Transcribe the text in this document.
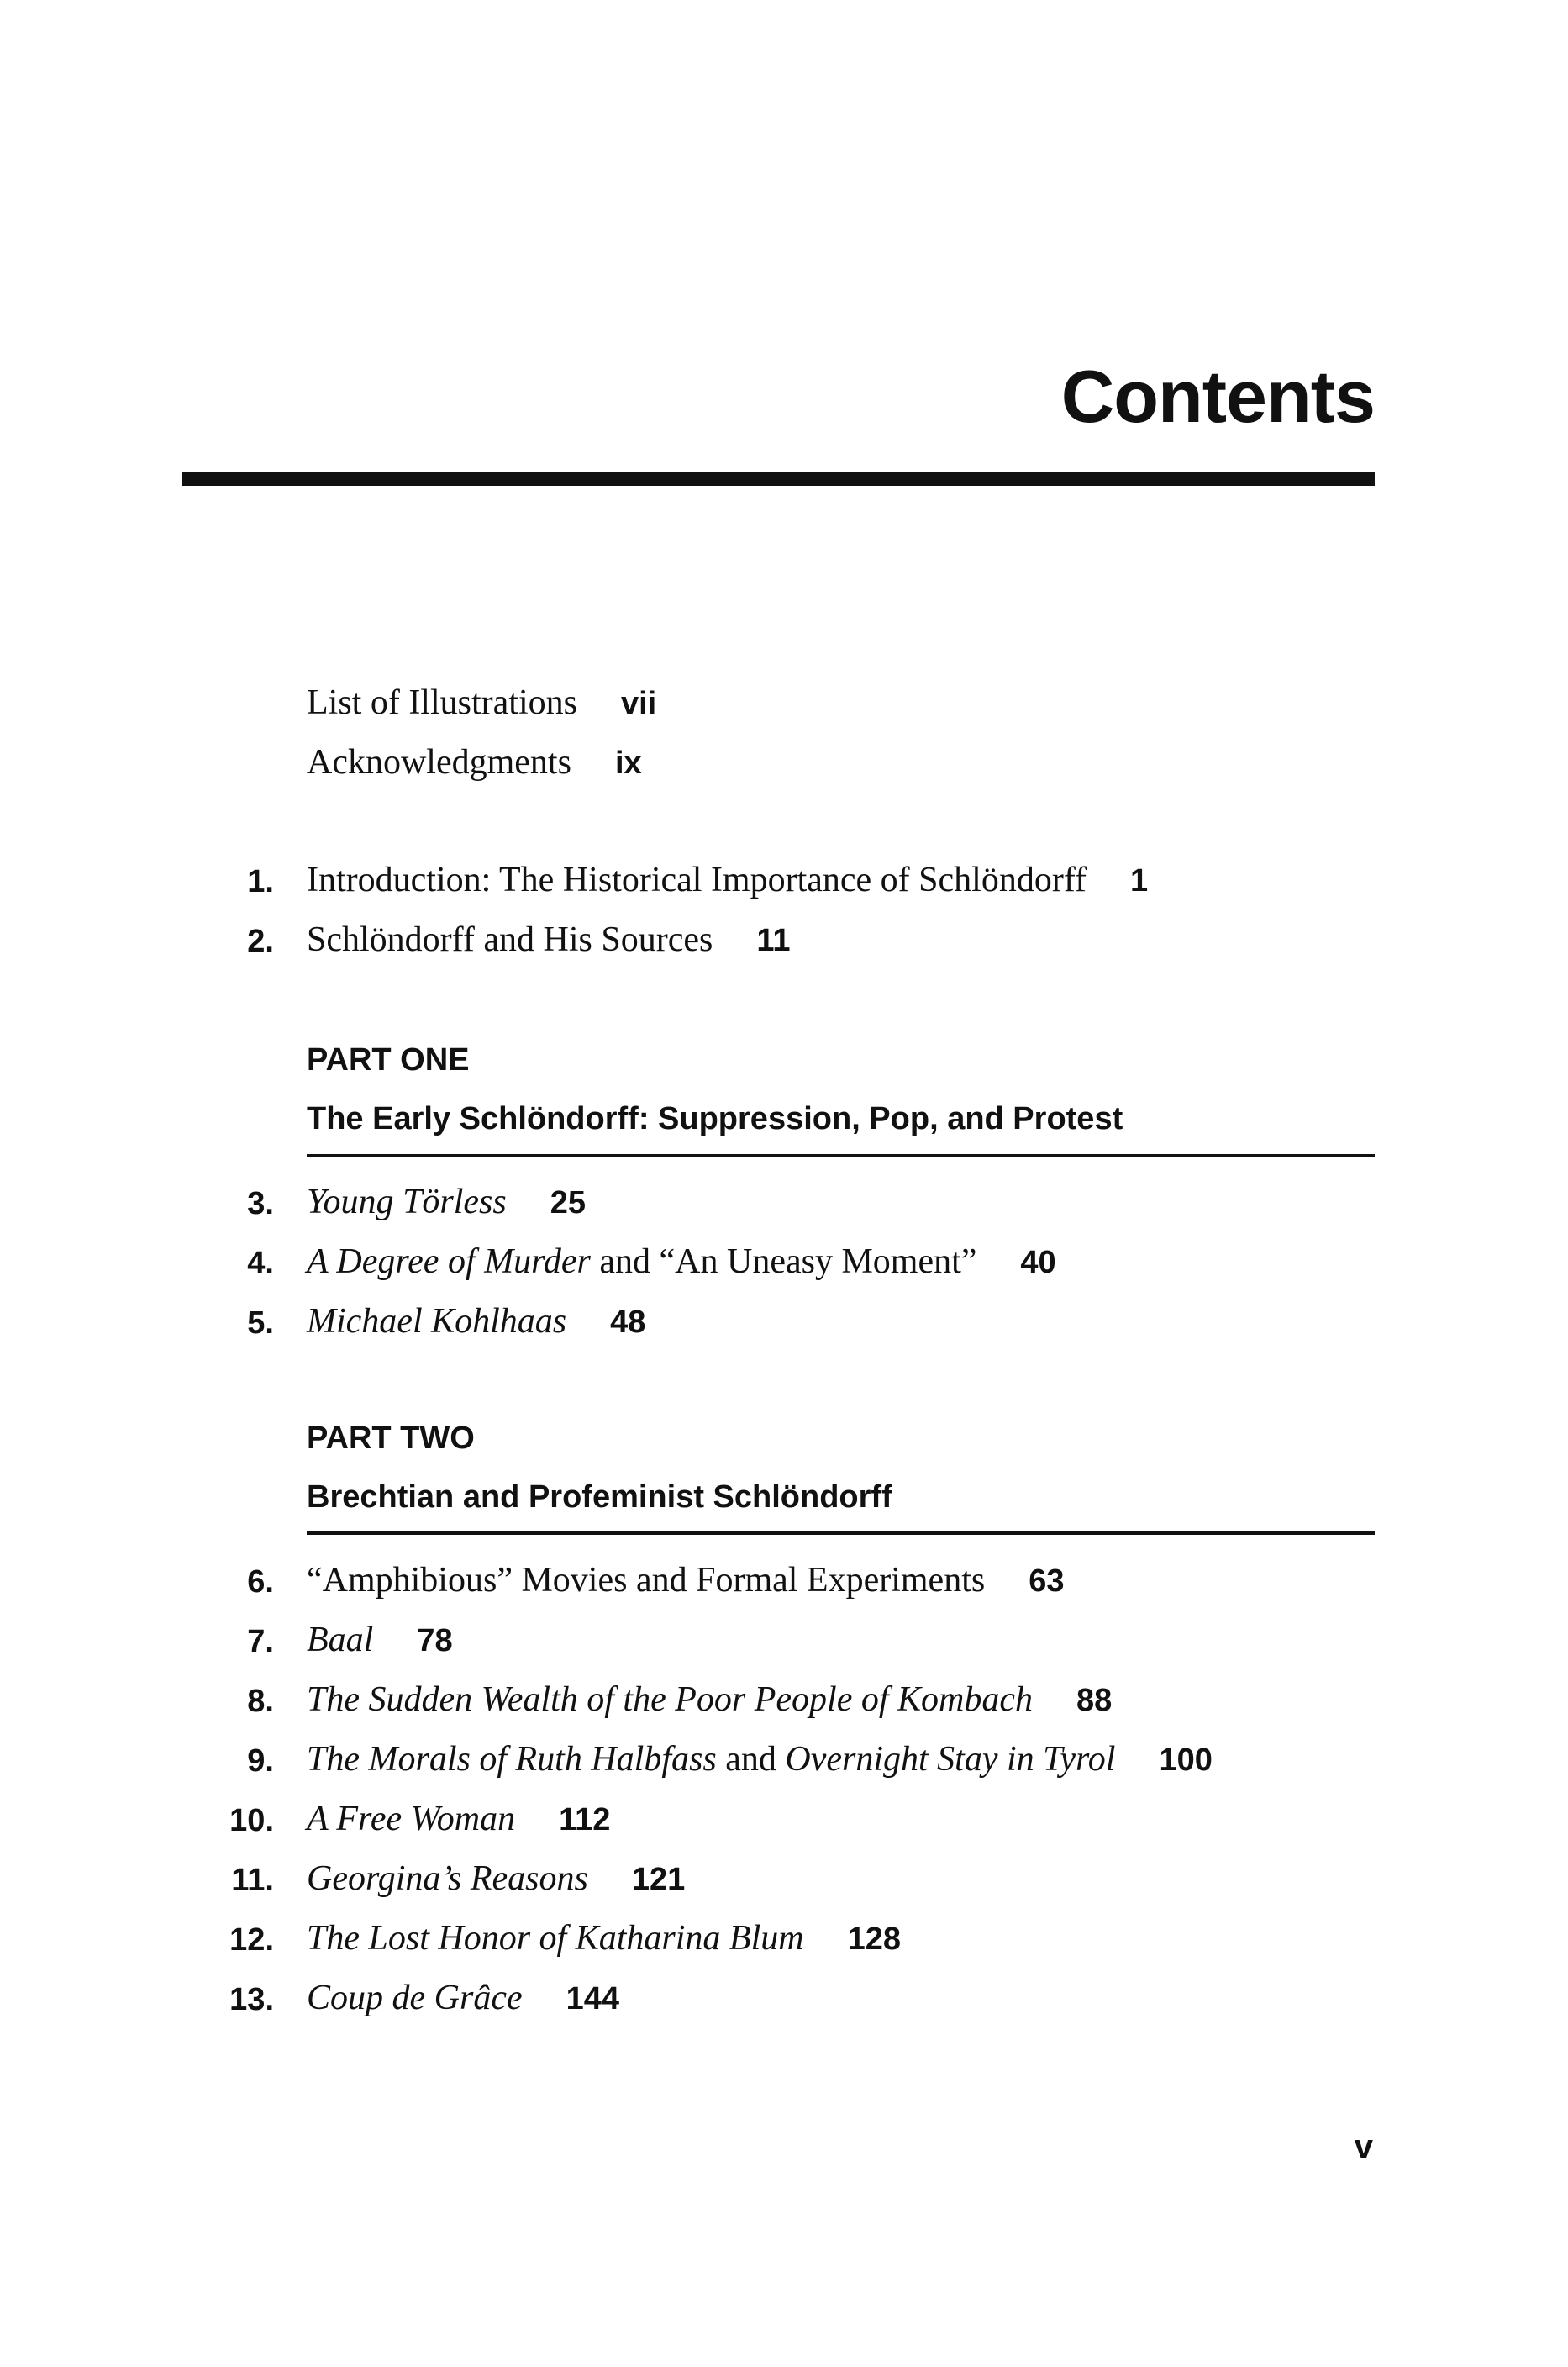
Contents
List of Illustrations vii
Acknowledgments ix
1. Introduction: The Historical Importance of Schlöndorff 1
2. Schlöndorff and His Sources 11
PART ONE
The Early Schlöndorff: Suppression, Pop, and Protest
3. Young Törless 25
4. A Degree of Murder and “An Uneasy Moment” 40
5. Michael Kohlhaas 48
PART TWO
Brechtian and Profeminist Schlöndorff
6. “Amphibious” Movies and Formal Experiments 63
7. Baal 78
8. The Sudden Wealth of the Poor People of Kombach 88
9. The Morals of Ruth Halbfass and Overnight Stay in Tyrol 100
10. A Free Woman 112
11. Georgina’s Reasons 121
12. The Lost Honor of Katharina Blum 128
13. Coup de Grâce 144
v
